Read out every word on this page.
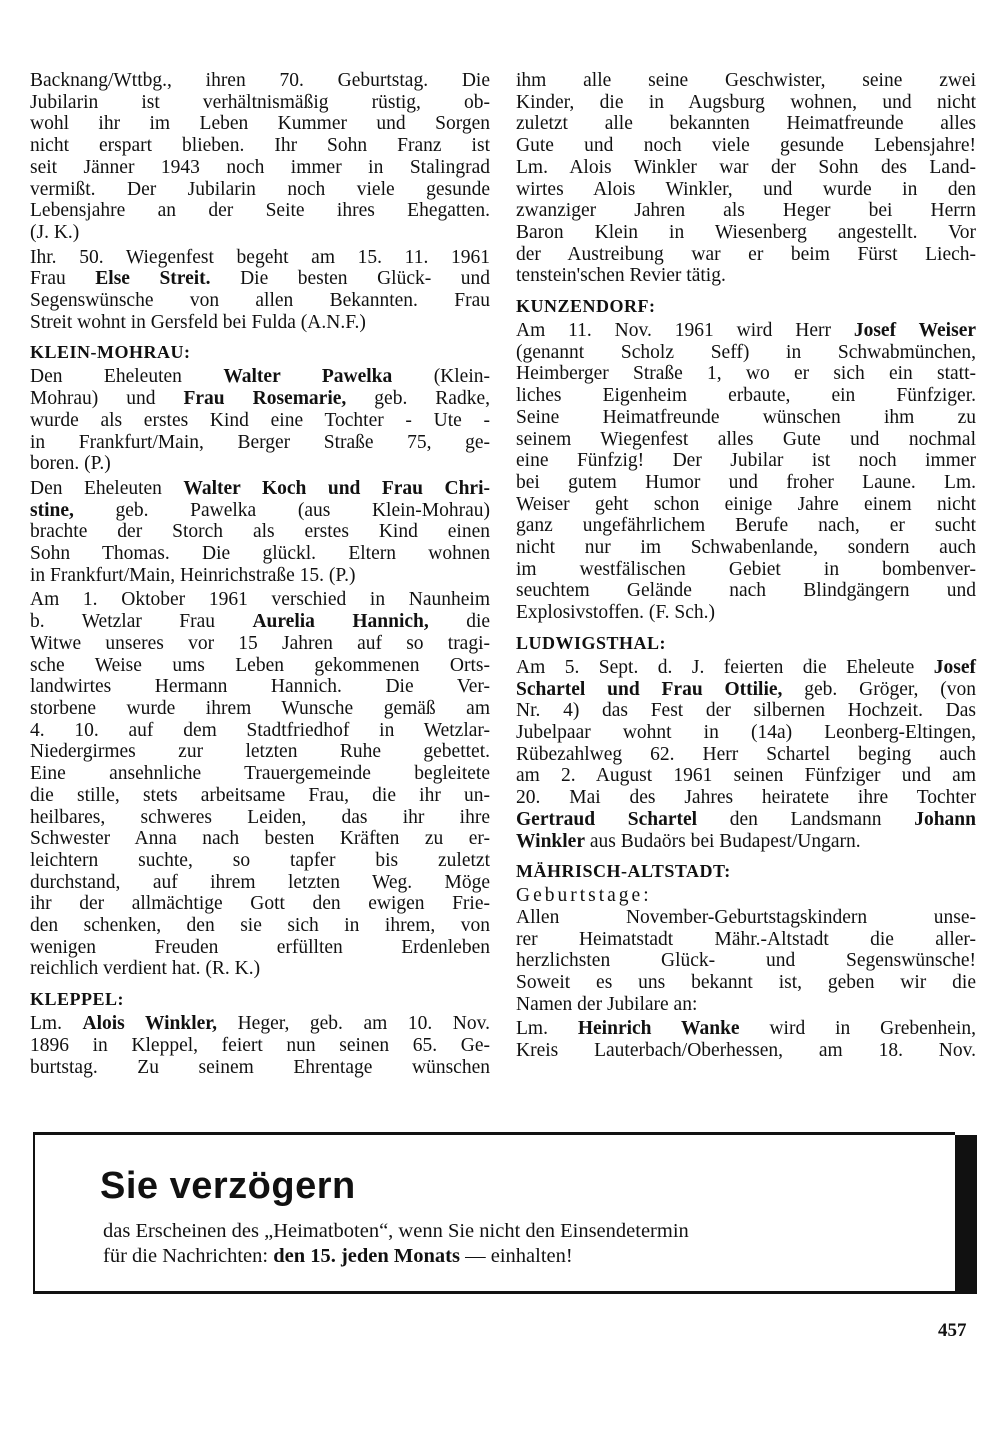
Backnang/Wttbg., ihren 70. Geburtstag. Die
Jubilarin ist verhältnismäßig rüstig, ob-
wohl ihr im Leben Kummer und Sorgen
nicht erspart blieben. Ihr Sohn Franz ist
seit Jänner 1943 noch immer in Stalingrad
vermißt. Der Jubilarin noch viele gesunde
Lebensjahre an der Seite ihres Ehegatten.
(J. K.)
Ihr. 50. Wiegenfest begeht am 15. 11. 1961
Frau Else Streit. Die besten Glück- und
Segenswünsche von allen Bekannten. Frau
Streit wohnt in Gersfeld bei Fulda (A.N.F.)
KLEIN-MOHRAU:
Den Eheleuten Walter Pawelka (Klein-
Mohrau) und Frau Rosemarie, geb. Radke,
wurde als erstes Kind eine Tochter - Ute -
in Frankfurt/Main, Berger Straße 75, ge-
boren. (P.)
Den Eheleuten Walter Koch und Frau Chri-
stine, geb. Pawelka (aus Klein-Mohrau)
brachte der Storch als erstes Kind einen
Sohn Thomas. Die glückl. Eltern wohnen
in Frankfurt/Main, Heinrichstraße 15. (P.)
Am 1. Oktober 1961 verschied in Naunheim
b. Wetzlar Frau Aurelia Hannich, die
Witwe unseres vor 15 Jahren auf so tragi-
sche Weise ums Leben gekommenen Orts-
landwirtes Hermann Hannich. Die Ver-
storbene wurde ihrem Wunsche gemäß am
4. 10. auf dem Stadtfriedhof in Wetzlar-
Niedergirmes zur letzten Ruhe gebettet.
Eine ansehnliche Trauergemeinde begleitete
die stille, stets arbeitsame Frau, die ihr un-
heilbares, schweres Leiden, das ihr ihre
Schwester Anna nach besten Kräften zu er-
leichtern suchte, so tapfer bis zuletzt
durchstand, auf ihrem letzten Weg. Möge
ihr der allmächtige Gott den ewigen Frie-
den schenken, den sie sich in ihrem, von
wenigen Freuden erfüllten Erdenleben
reichlich verdient hat. (R. K.)
KLEPPEL:
Lm. Alois Winkler, Heger, geb. am 10. Nov.
1896 in Kleppel, feiert nun seinen 65. Ge-
burtstag. Zu seinem Ehrentage wünschen
ihm alle seine Geschwister, seine zwei
Kinder, die in Augsburg wohnen, und nicht
zuletzt alle bekannten Heimatfreunde alles
Gute und noch viele gesunde Lebensjahre!
Lm. Alois Winkler war der Sohn des Land-
wirtes Alois Winkler, und wurde in den
zwanziger Jahren als Heger bei Herrn
Baron Klein in Wiesenberg angestellt. Vor
der Austreibung war er beim Fürst Liech-
tenstein'schen Revier tätig.
KUNZENDORF:
Am 11. Nov. 1961 wird Herr Josef Weiser
(genannt Scholz Seff) in Schwabmünchen,
Heimberger Straße 1, wo er sich ein statt-
liches Eigenheim erbaute, ein Fünfziger.
Seine Heimatfreunde wünschen ihm zu
seinem Wiegenfest alles Gute und nochmal
eine Fünfzig! Der Jubilar ist noch immer
bei gutem Humor und froher Laune. Lm.
Weiser geht schon einige Jahre einem nicht
ganz ungefährlichem Berufe nach, er sucht
nicht nur im Schwabenlande, sondern auch
im westfälischen Gebiet in bombenver-
seuchtem Gelände nach Blindgängern und
Explosivstoffen. (F. Sch.)
LUDWIGSTHAL:
Am 5. Sept. d. J. feierten die Eheleute Josef
Schartel und Frau Ottilie, geb. Gröger, (von
Nr. 4) das Fest der silbernen Hochzeit. Das
Jubelpaar wohnt in (14a) Leonberg-Eltingen,
Rübezahlweg 62. Herr Schartel beging auch
am 2. August 1961 seinen Fünfziger und am
20. Mai des Jahres heiratete ihre Tochter
Gertraud Schartel den Landsmann Johann
Winkler aus Budaörs bei Budapest/Ungarn.
MÄHRISCH-ALTSTADT:
Geburtstage:
Allen November-Geburtstagskindern unse-
rer Heimatstadt Mähr.-Altstadt die aller-
herzlichsten Glück- und Segenswünsche!
Soweit es uns bekannt ist, geben wir die
Namen der Jubilare an:
Lm. Heinrich Wanke wird in Grebenhein,
Kreis Lauterbach/Oberhessen, am 18. Nov.
Sie verzögern
das Erscheinen des „Heimatboten“, wenn Sie nicht den Einsendetermin
für die Nachrichten: den 15. jeden Monats — einhalten!
457
